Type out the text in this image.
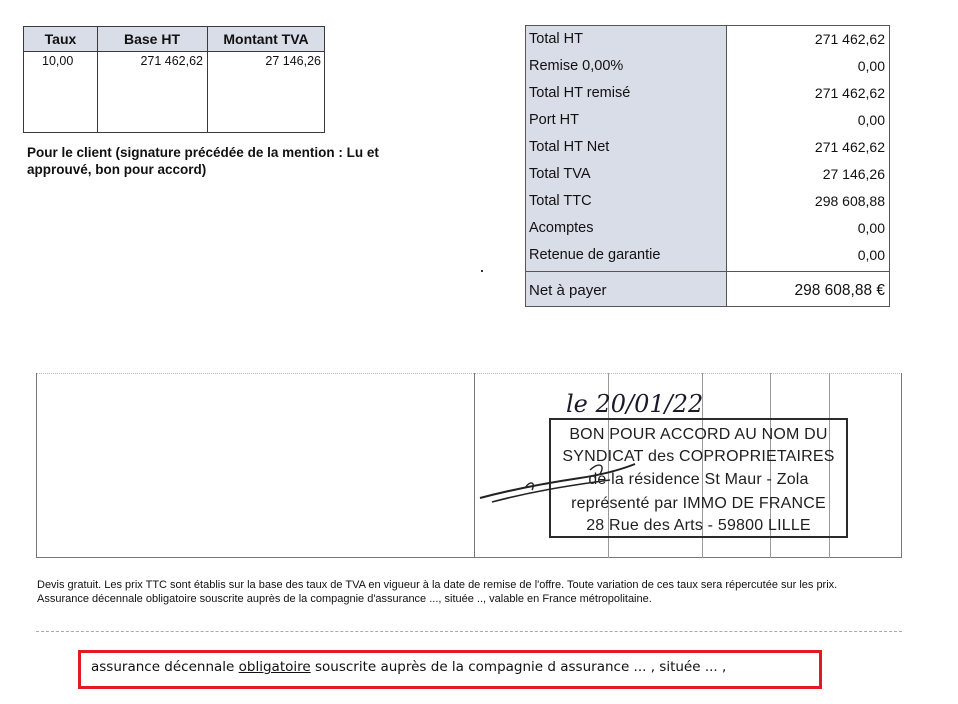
Taux	Base HT	Montant TVA
10,00	271 462,62	27 146,26
Pour le client (signature précédée de la mention : Lu et approuvé, bon pour accord)
Total HT	271 462,62
Remise 0,00%	0,00
Total HT remisé	271 462,62
Port HT	0,00
Total HT Net	271 462,62
Total TVA	27 146,26
Total TTC	298 608,88
Acomptes	0,00
Retenue de garantie	0,00
Net à payer	298 608,88 €
le 20/01/22
BON POUR ACCORD AU NOM DU
SYNDICAT des COPROPRIETAIRES
de la résidence St Maur - Zola
représenté par IMMO DE FRANCE
28 Rue des Arts - 59800 LILLE

Devis gratuit. Les prix TTC sont établis sur la base des taux de TVA en vigueur à la date de remise de l'offre. Toute variation de ces taux sera répercutée sur les prix.

Assurance décennale obligatoire souscrite auprès de la compagnie d'assurance ..., située .., valable en France métropolitaine.

assurance décennale obligatoire souscrite auprès de la compagnie d assurance ... , située ... ,
